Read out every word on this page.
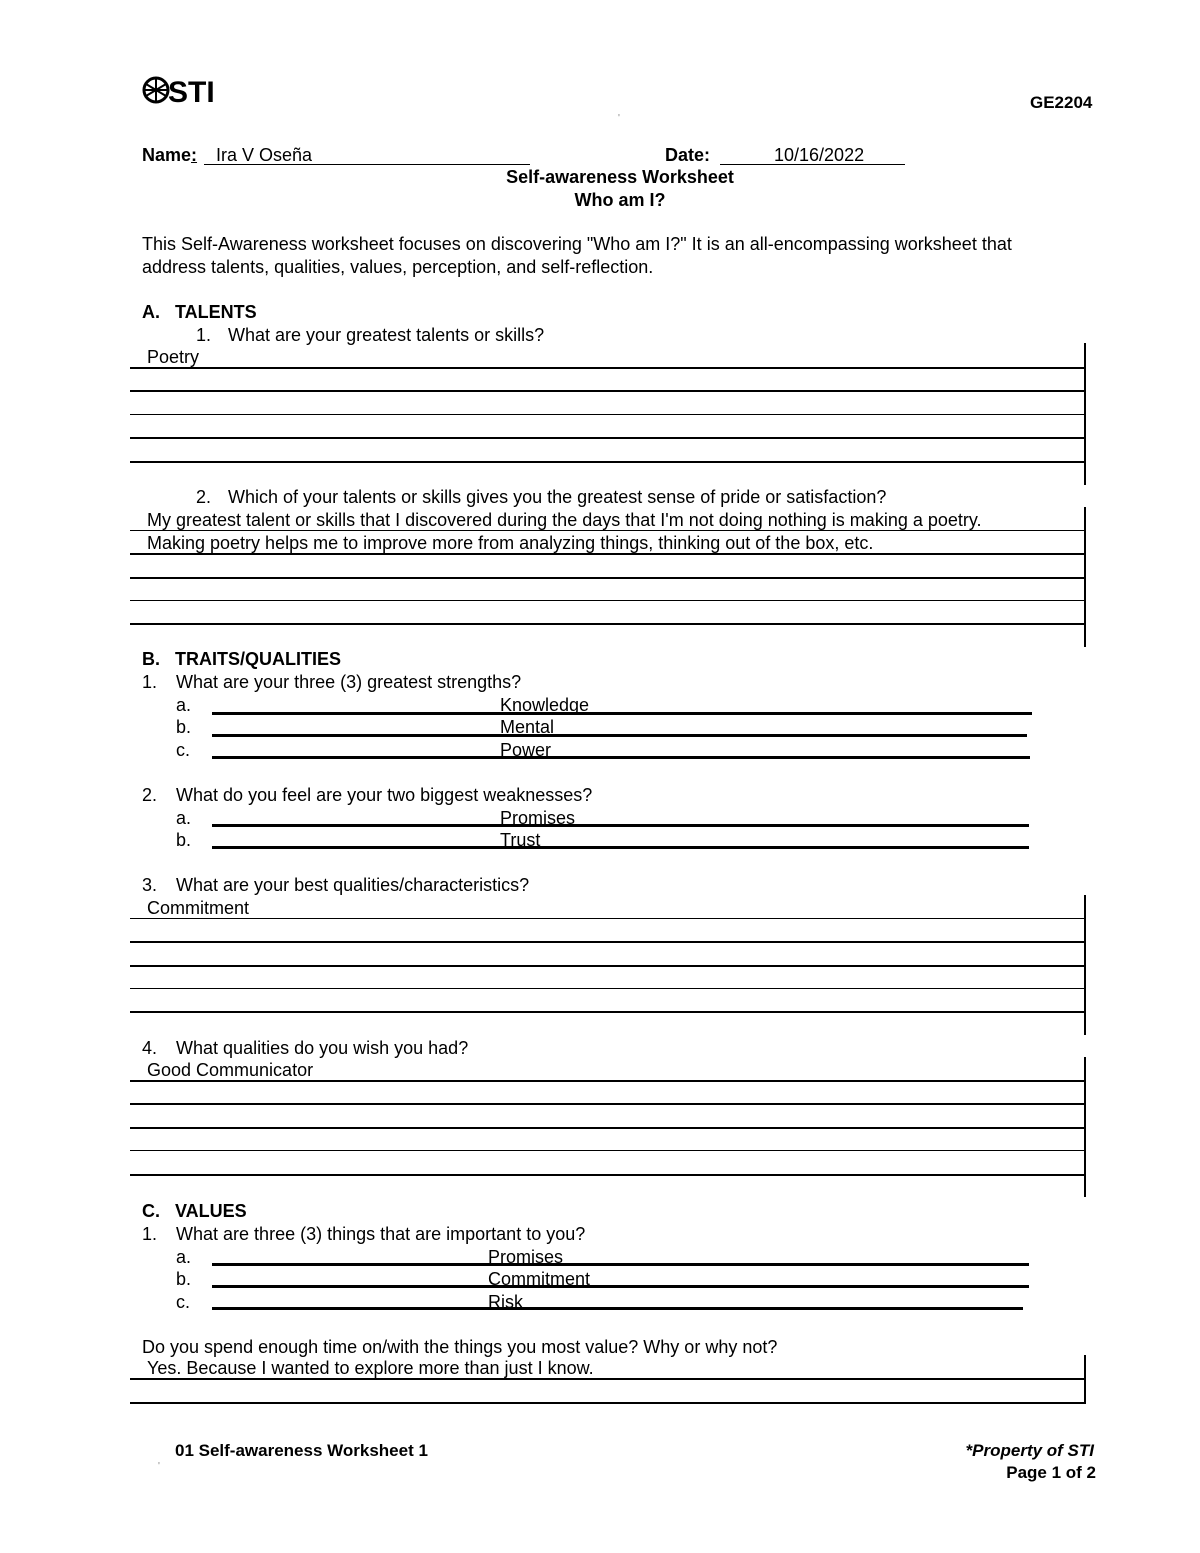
STI
'
GE2204
Name:	Ira V Oseña	Date:	10/16/2022
Self-awareness Worksheet
Who am I?
This Self-Awareness worksheet focuses on discovering "Who am I?" It is an all-encompassing worksheet that
address talents, qualities, values, perception, and self-reflection.
A.   TALENTS
1. What are your greatest talents or skills?
Poetry
2. Which of your talents or skills gives you the greatest sense of pride or satisfaction?
My greatest talent or skills that I discovered during the days that I'm not doing nothing is making a poetry.
Making poetry helps me to improve more from analyzing things, thinking out of the box, etc.
B.   TRAITS/QUALITIES
1. What are your three (3) greatest strengths?
a.	Knowledge
b.	Mental
c.	Power
2. What do you feel are your two biggest weaknesses?
a.	Promises
b.	Trust
3. What are your best qualities/characteristics?
Commitment
4. What qualities do you wish you had?
Good Communicator
C.   VALUES
1. What are three (3) things that are important to you?
a.	Promises
b.	Commitment
c.	Risk
Do you spend enough time on/with the things you most value? Why or why not?
Yes. Because I wanted to explore more than just I know.
'
01 Self-awareness Worksheet 1	*Property of STI
Page 1 of 2
